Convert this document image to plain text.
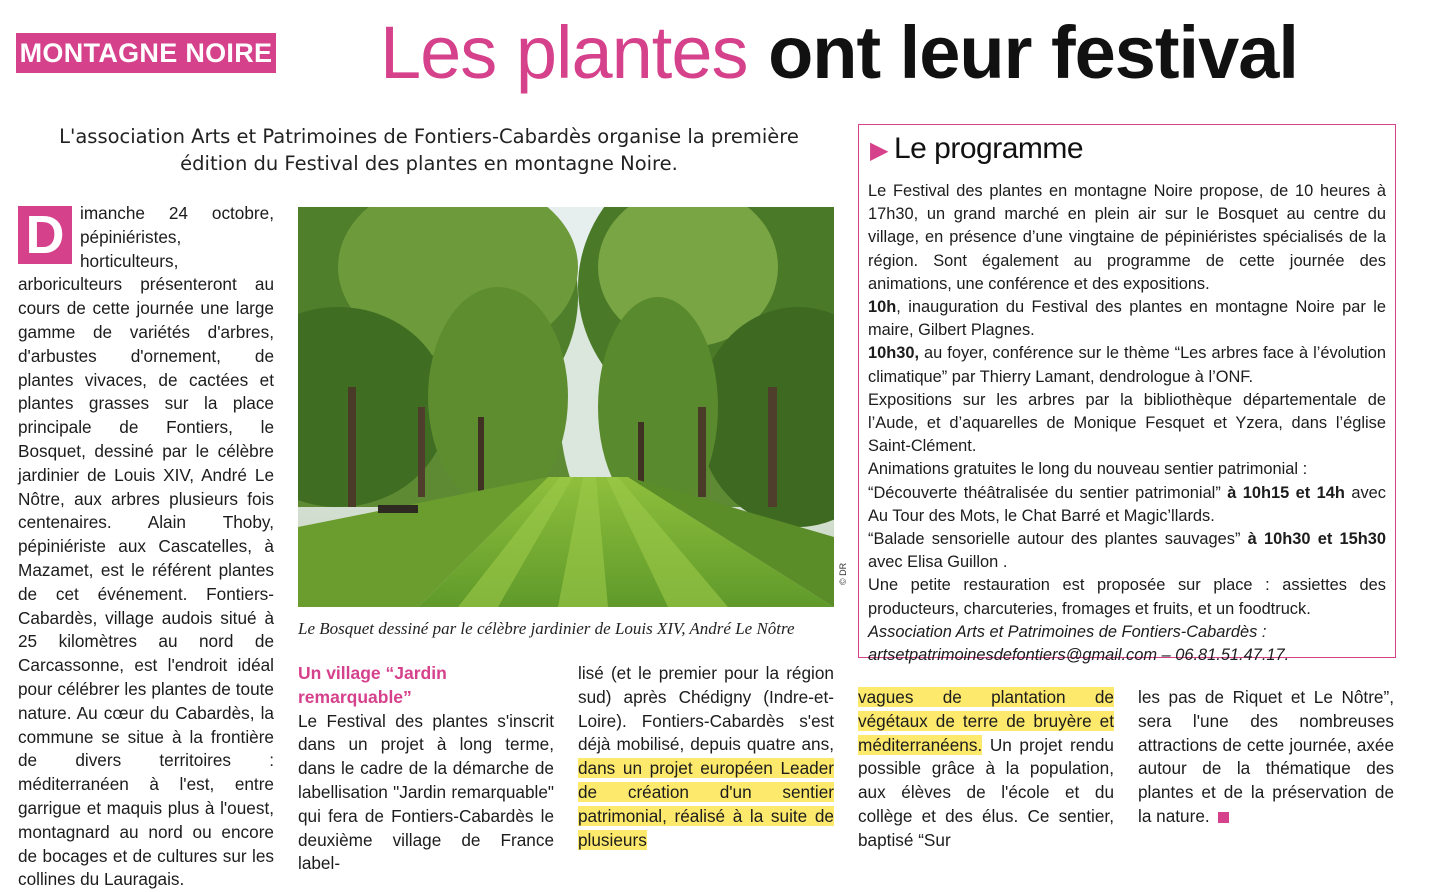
MONTAGNE NOIRE Les plantes ont leur festival
L'association Arts et Patrimoines de Fontiers-Cabardès organise la première
édition du Festival des plantes en montagne Noire.
D imanche 24 octobre, pépiniéristes, horticulteurs, arboriculteurs présenteront au cours de cette journée une large gamme de variétés d'arbres, d'arbustes d'ornement, de plantes vivaces, de cactées et plantes grasses sur la place principale de Fontiers, le Bosquet, dessiné par le célèbre jardinier de Louis XIV, André Le Nôtre, aux arbres plusieurs fois centenaires. Alain Thoby, pépiniériste aux Cascatelles, à Mazamet, est le référent plantes de cet événement. Fontiers-Cabardès, village audois situé à 25 kilomètres au nord de Carcassonne, est l'endroit idéal pour célébrer les plantes de toute nature. Au cœur du Cabardès, la commune se situe à la frontière de divers territoires : méditerranéen à l'est, entre garrigue et maquis plus à l'ouest, montagnard au nord ou encore de bocages et de cultures sur les collines du Lauragais.
© DR
Le Bosquet dessiné par le célèbre jardinier de Louis XIV, André Le Nôtre
Un village “Jardin remarquable”
Le Festival des plantes s'inscrit dans un projet à long terme, dans le cadre de la démarche de labellisation "Jardin remarquable" qui fera de Fontiers-Cabardès le deuxième village de France label-
lisé (et le premier pour la région sud) après Chédigny (Indre-et-Loire). Fontiers-Cabardès s'est déjà mobilisé, depuis quatre ans, dans un projet européen Leader de création d'un sentier patrimonial, réalisé à la suite de plusieurs
vagues de plantation de végétaux de terre de bruyère et méditerranéens. Un projet rendu possible grâce à la population, aux élèves de l'école et du collège et des élus. Ce sentier, baptisé “Sur
les pas de Riquet et Le Nôtre”, sera l'une des nombreuses attractions de cette journée, axée autour de la thématique des plantes et de la préservation de la nature.
▶ Le programme

Le Festival des plantes en montagne Noire propose, de 10 heures à 17h30, un grand marché en plein air sur le Bosquet au centre du village, en présence d’une vingtaine de pépiniéristes spécialisés de la région. Sont également au programme de cette journée des animations, une conférence et des expositions.

10h, inauguration du Festival des plantes en montagne Noire par le maire, Gilbert Plagnes.

10h30, au foyer, conférence sur le thème “Les arbres face à l’évolution climatique” par Thierry Lamant, dendrologue à l’ONF.

Expositions sur les arbres par la bibliothèque départementale de l’Aude, et d’aquarelles de Monique Fesquet et Yzera, dans l’église Saint-Clément.

Animations gratuites le long du nouveau sentier patrimonial :

“Découverte théâtralisée du sentier patrimonial” à 10h15 et 14h avec Au Tour des Mots, le Chat Barré et Magic’llards.

“Balade sensorielle autour des plantes sauvages” à 10h30 et 15h30 avec Elisa Guillon .

Une petite restauration est proposée sur place : assiettes des producteurs, charcuteries, fromages et fruits, et un foodtruck.

Association Arts et Patrimoines de Fontiers-Cabardès :

artsetpatrimoinesdefontiers@gmail.com – 06.81.51.47.17.
